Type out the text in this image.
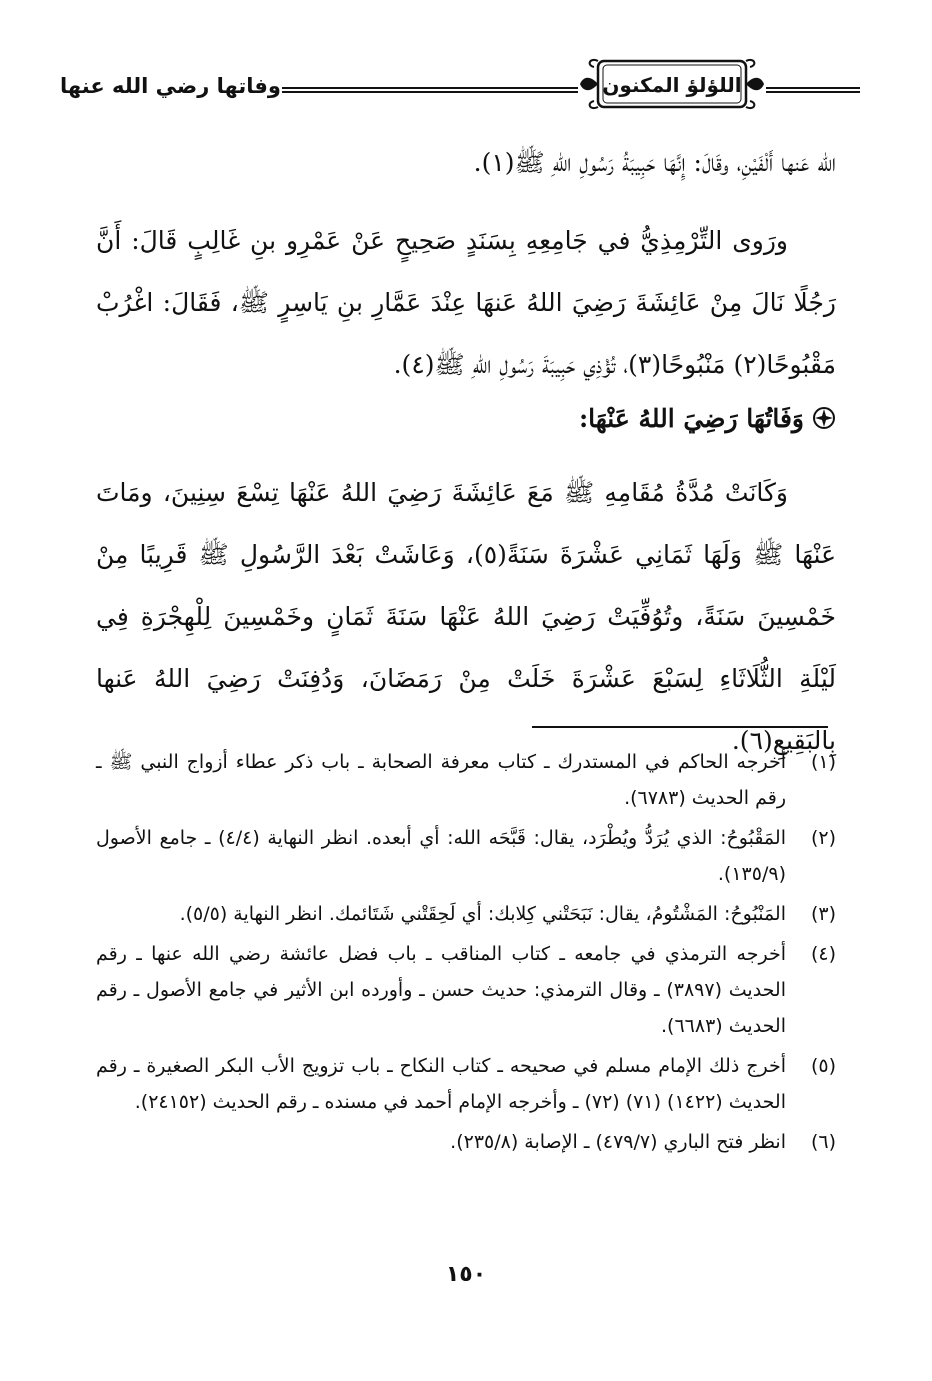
وفاتها رضي الله عنها	اللؤلؤ المكنون
الله عَنها أَلْفَيْنِ، وقَالَ: إِنَّهَا حَبِيبَةُ رَسُولِ اللهِ ﷺ(١).
ورَوى التِّرْمِذِيُّ في جَامِعِهِ بِسَنَدٍ صَحِيحٍ عَنْ عَمْرِو بنِ غَالِبٍ قَالَ: أَنَّ رَجُلًا نَالَ مِنْ عَائِشَةَ رَضِيَ اللهُ عَنهَا عِنْدَ عَمَّارِ بنِ يَاسِرٍ ﷺ، فَقَالَ: اغْرُبْ مَقْبُوحًا(٢) مَنْبُوحًا(٣)، تُؤْذِي حَبِيبَةَ رَسُولِ اللهِ ﷺ(٤).
وَفَاتُهَا رَضِيَ اللهُ عَنْهَا:
وَكَانَتْ مُدَّةُ مُقَامِهِ ﷺ مَعَ عَائِشَةَ رَضِيَ اللهُ عَنْهَا تِسْعَ سِنِينَ، ومَاتَ عَنْهَا ﷺ وَلَهَا ثَمَانِي عَشْرَةَ سَنَةً(٥)، وَعَاشَتْ بَعْدَ الرَّسُولِ ﷺ قَرِيبًا مِنْ خَمْسِينَ سَنَةً، وتُوُفِّيَتْ رَضِيَ اللهُ عَنْهَا سَنَةَ ثَمَانٍ وخَمْسِينَ لِلْهِجْرَةِ فِي لَيْلَةِ الثُّلَاثَاءِ لِسَبْعَ عَشْرَةَ خَلَتْ مِنْ رَمَضَانَ، وَدُفِنَتْ رَضِيَ اللهُ عَنها بِالبَقِيعِ(٦).
(١)
أخرجه الحاكم في المستدرك ـ كتاب معرفة الصحابة ـ باب ذكر عطاء أزواج النبي ﷺ ـ رقم الحديث (٦٧٨٣).
(٢)
المَقْبُوحُ: الذي يُرَدُّ ويُطْرَد، يقال: قَبَّحَه الله: أي أبعده. انظر النهاية (٤/٤) ـ جامع الأصول (١٣٥/٩).
(٣)
المَنْبُوحُ: المَشْتُومُ، يقال: نَبَحَتْني كِلابك: أي لَحِقَتْني شَتَائمك. انظر النهاية (٥/٥).
(٤)
أخرجه الترمذي في جامعه ـ كتاب المناقب ـ باب فضل عائشة رضي الله عنها ـ رقم الحديث (٣٨٩٧) ـ وقال الترمذي: حديث حسن ـ وأورده ابن الأثير في جامع الأصول ـ رقم الحديث (٦٦٨٣).
(٥)
أخرج ذلك الإمام مسلم في صحيحه ـ كتاب النكاح ـ باب تزويج الأب البكر الصغيرة ـ رقم الحديث (١٤٢٢) (٧١) (٧٢) ـ وأخرجه الإمام أحمد في مسنده ـ رقم الحديث (٢٤١٥٢).
(٦)
انظر فتح الباري (٤٧٩/٧) ـ الإصابة (٢٣٥/٨).
١٥٠
